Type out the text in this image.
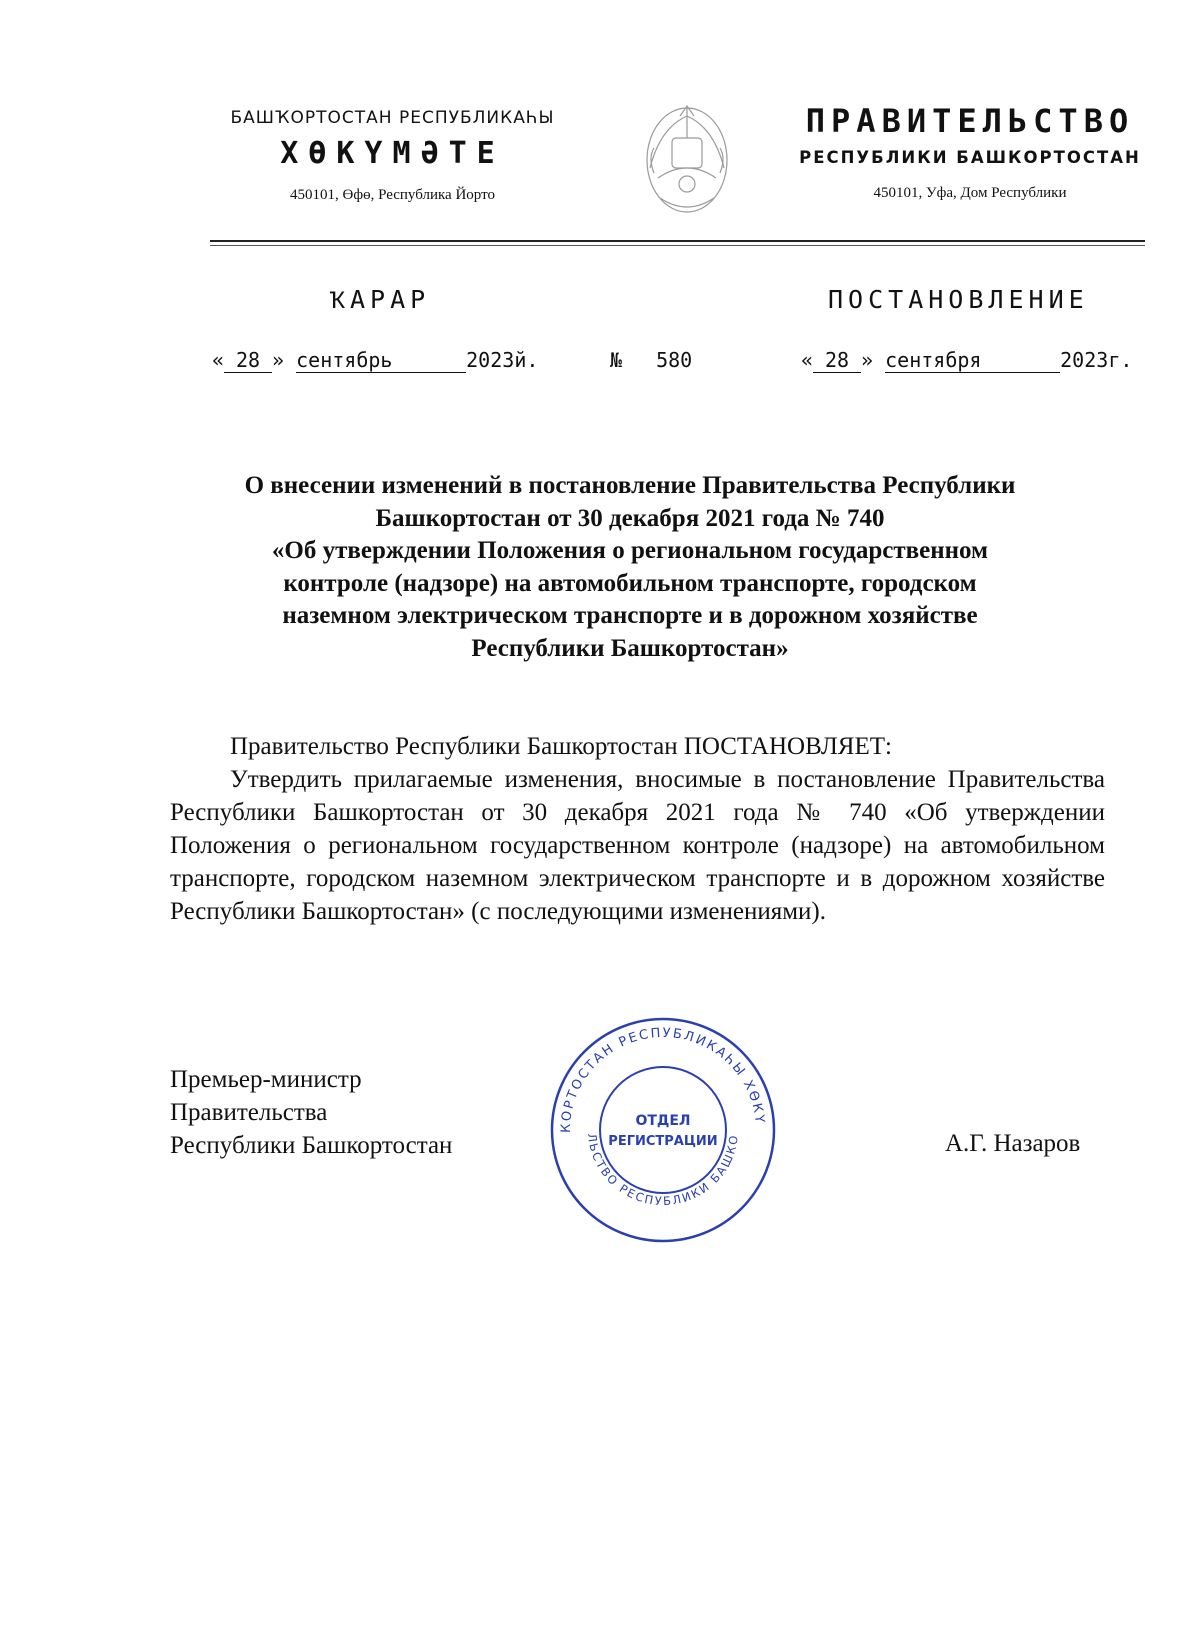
БАШҠОРТОСТАН РЕСПУБЛИКАҺЫ
ХӨКҮМӘТЕ
450101, Өфө, Республика Йорто
ПРАВИТЕЛЬСТВО
РЕСПУБЛИКИ БАШКОРТОСТАН
450101, Уфа, Дом Республики
ҠАРАР	ПОСТАНОВЛЕНИЕ
« 28 » сентябрь	2023й.	№ 580	« 28 » сентября	2023г.
О внесении изменений в постановление Правительства Республики
Башкортостан от 30 декабря 2021 года № 740
«Об утверждении Положения о региональном государственном
контроле (надзоре) на автомобильном транспорте, городском
наземном электрическом транспорте и в дорожном хозяйстве
Республики Башкортостан»

Правительство Республики Башкортостан ПОСТАНОВЛЯЕТ:

Утвердить прилагаемые изменения, вносимые в постановление Правительства Республики Башкортостан от 30 декабря 2021 года № 740 «Об утверждении Положения о региональном государственном контроле (надзоре) на автомобильном транспорте, городском наземном электрическом транспорте и в дорожном хозяйстве Республики Башкортостан» (с последующими изменениями).

Премьер-министр
Правительства
Республики Башкортостан	А.Г. Назаров
КОРТОСТАН РЕСПУБЛИКАҺЫ ХӨКҮ
ЛЬСТВО РЕСПУБЛИКИ БАШКО
ОТДЕЛ
РЕГИСТРАЦИИ
